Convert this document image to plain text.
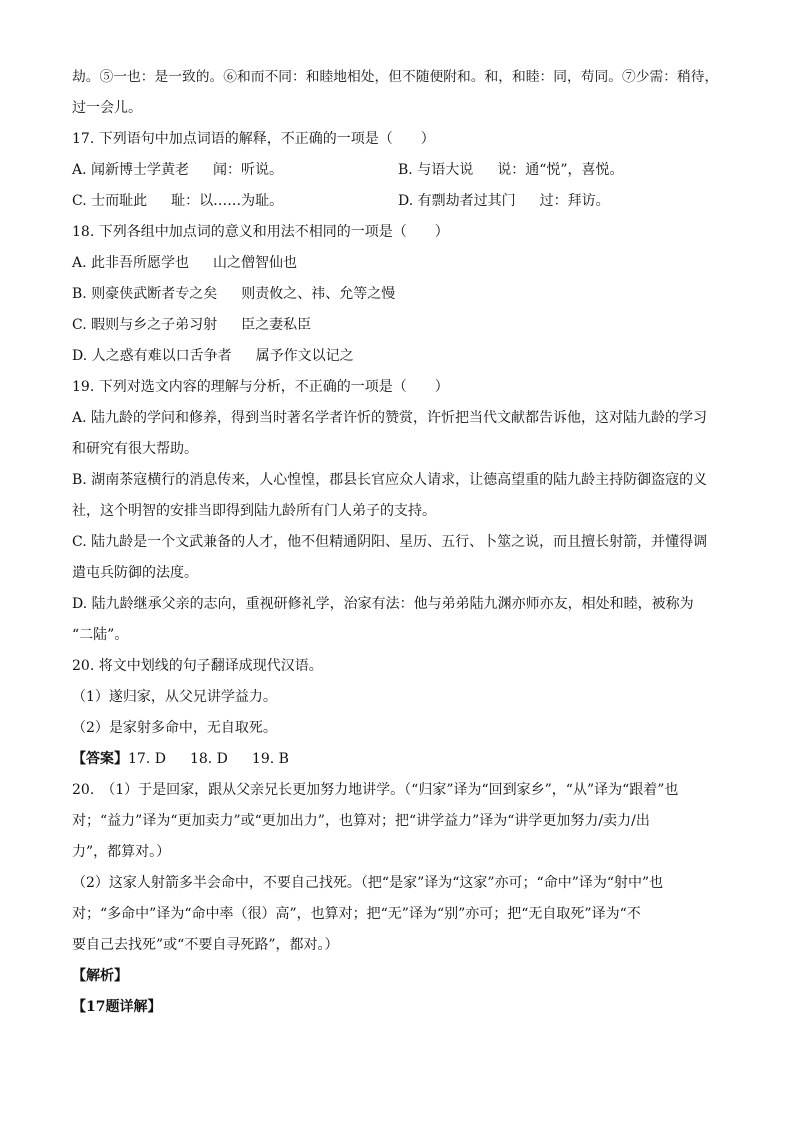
劫。⑤一也：是一致的。⑥和而不同：和睦地相处，但不随便附和。和，和睦：同，苟同。⑦少需：稍待，
过一会儿。
17. 下列语句中加点词语的解释，不正确的一项是（　　）
A. 闻新博士学黄老 闻：听说。	B. 与语大说 说：通“悦”，喜悦。
C. 士而耻此 耻：以……为耻。	D. 有剽劫者过其门 过：拜访。
18. 下列各组中加点词的意义和用法不相同的一项是（　　）
A. 此非吾所愿学也 山之僧智仙也
B. 则豪侠武断者专之矣 则责攸之、祎、允等之慢
C. 暇则与乡之子弟习射 臣之妻私臣
D. 人之惑有难以口舌争者 属予作文以记之
19. 下列对选文内容的理解与分析，不正确的一项是（　　）
A. 陆九龄的学问和修养，得到当时著名学者许忻的赞赏，许忻把当代文献都告诉他，这对陆九龄的学习
和研究有很大帮助。
B. 湖南茶寇横行的消息传来，人心惶惶，郡县长官应众人请求，让德高望重的陆九龄主持防御盗寇的义
社，这个明智的安排当即得到陆九龄所有门人弟子的支持。
C. 陆九龄是一个文武兼备的人才，他不但精通阴阳、星历、五行、卜筮之说，而且擅长射箭，并懂得调
遣屯兵防御的法度。
D. 陆九龄继承父亲的志向，重视研修礼学，治家有法：他与弟弟陆九渊亦师亦友，相处和睦，被称为
“二陆”。
20. 将文中划线的句子翻译成现代汉语。
（1）遂归家，从父兄讲学益力。
（2）是家射多命中，无自取死。
【答案】17. D 18. D 19. B
20.　（1）于是回家，跟从父亲兄长更加努力地讲学。（“归家”译为“回到家乡”，“从”译为“跟着”也
对；“益力”译为“更加卖力”或“更加出力”，也算对；把“讲学益力”译为“讲学更加努力/卖力/出
力”，都算对。）
（2）这家人射箭多半会命中，不要自己找死。（把“是家”译为“这家”亦可；“命中”译为“射中”也
对；“多命中”译为“命中率（很）高”，也算对；把“无”译为“别”亦可；把“无自取死”译为“不
要自己去找死”或“不要自寻死路”，都对。）
【解析】
【17题详解】
